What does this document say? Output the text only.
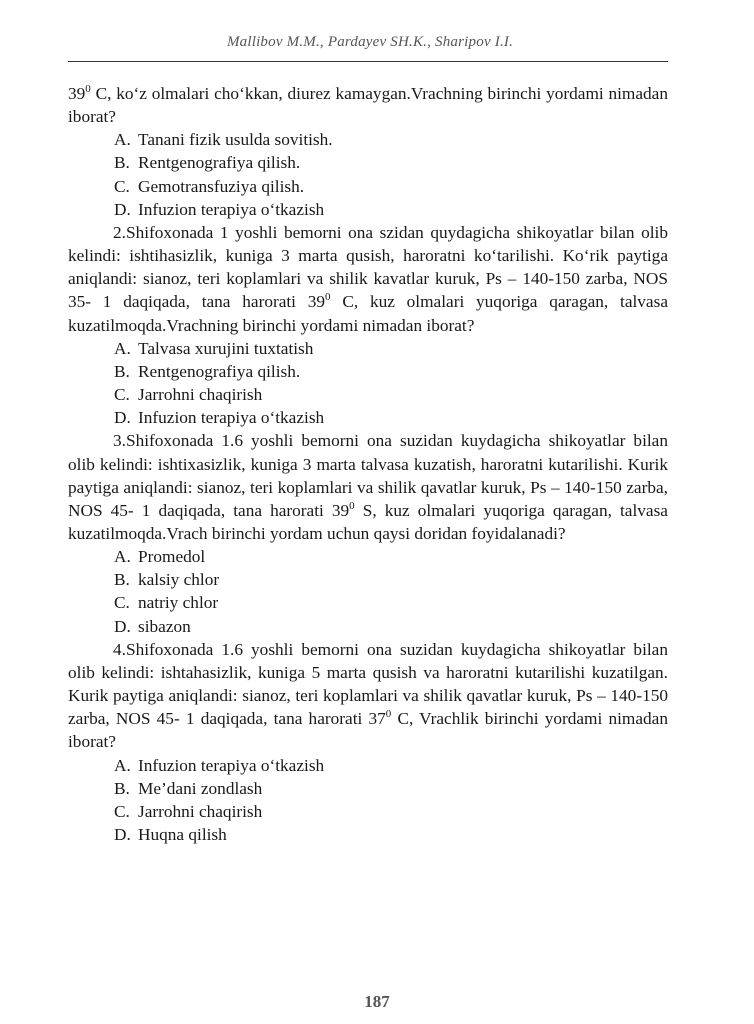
Mallibov M.M., Pardayev SH.K., Sharipov I.I.

$39^0$ C, ko‘z olmalari cho‘kkan, diurez kamaygan.Vrachning birinchi yordami nimadan iborat?

A. Tananі fizik usulda sovitish.
B. Rentgenografiya qilish.
C. Gemotransfuziya qilish.
D. Infuzion terapiya o‘tkazish

2.Shifoxonada 1 yoshli bemorni ona szidan quydagicha shikoyatlar bilan olib kelindi: ishtihasizlik, kuniga 3 marta qusish, haroratni ko‘tarilishi. Ko‘rik paytiga aniqlandi: sianoz, teri koplamlari va shilik kavatlar kuruk, Ps – 140-150 zarba, NOS 35- 1 daqiqada, tana harorati $39^0$ C, kuz olmalari yuqoriga qaragan, talvasa kuzatilmoqda.Vrachning birinchi yordami nimadan iborat?

A. Talvasa xurujini tuxtatish
B. Rentgenografiya qilish.
C. Jarrohni chaqirish
D. Infuzion terapiya o‘tkazish

3.Shifoxonada 1.6 yoshli bemorni ona suzidan kuydagicha shikoyatlar bilan olib kelindi: ishtixasizlik, kuniga 3 marta talvasa kuzatish, haroratni kutarilishi. Kurik paytiga aniqlandi: sianoz, teri koplamlari va shilik qavatlar kuruk, Ps – 140-150 zarba, NOS 45- 1 daqiqada, tana harorati $39^0$ S, kuz olmalari yuqoriga qaragan, talvasa kuzatilmoqda.Vrach birinchi yordam uchun qaysi doridan foyidalanadi?

A. Promedol
B. kalsiy chlor
C. natriy chlor
D. sibazon

4.Shifoxonada 1.6 yoshli bemorni ona suzidan kuydagicha shikoyatlar bilan olib kelindi: ishtahasizlik, kuniga 5 marta qusish va haroratni kutarilishi kuzatilgan. Kurik paytiga aniqlandi: sianoz, teri koplamlari va shilik qavatlar kuruk, Ps – 140-150 zarba, NOS 45- 1 daqiqada, tana harorati $37^0$ C, Vrachlik birinchi yordami nimadan iborat?

A. Infuzion terapiya o‘tkazish
B. Me’dani zondlash
C. Jarrohni chaqirish
D. Huqna qilish
187
